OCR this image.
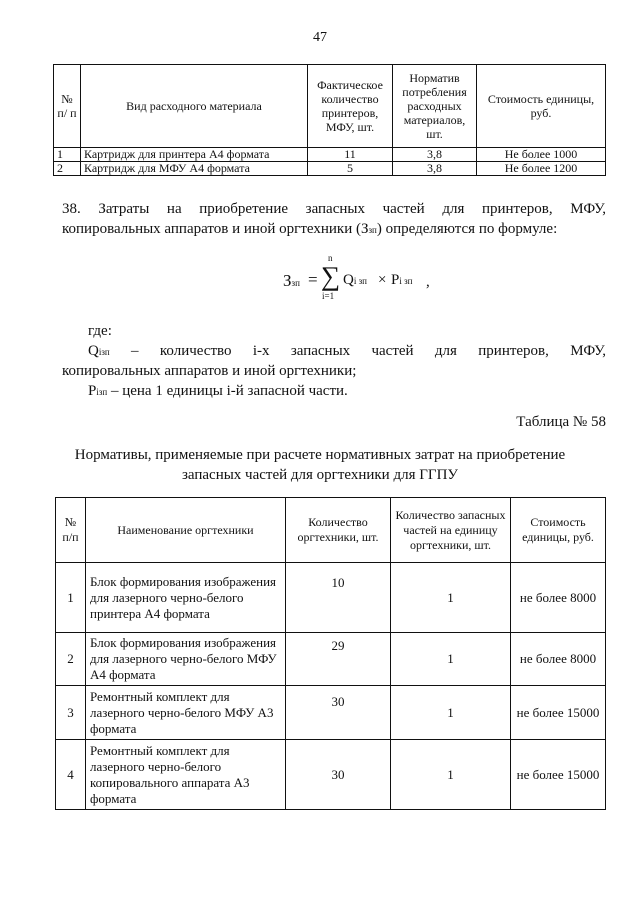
47
№ п/ п	Вид расходного материала	Фактическое количество принтеров, МФУ, шт.	Норматив потребления расходных материалов, шт.	Стоимость единицы, руб.
1	Картридж для принтера А4 формата	11	3,8	Не более 1000
2	Картридж для МФУ А4 формата	5	3,8	Не более 1200
38. Затраты на приобретение запасных частей для принтеров, МФУ,
копировальных аппаратов и иной оргтехники (Ззп) определяются по формуле:
Ззп =
n
∑
i=1
Qi зп × Pi зп ,
где:
Qiзп – количество i-х запасных частей для принтеров, МФУ,
копировальных аппаратов и иной оргтехники;
Piзп – цена 1 единицы i-й запасной части.
Таблица № 58
Нормативы, применяемые при расчете нормативных затрат на приобретение
запасных частей для оргтехники для ГГПУ
№ п/п	Наименование оргтехники	Количество оргтехники, шт.	Количество запасных частей на единицу оргтехники, шт.	Стоимость единицы, руб.
1	Блок формирования изображения для лазерного черно-белого принтера А4 формата	10	1	не более 8000
2	Блок формирования изображения для лазерного черно-белого МФУ А4 формата	29	1	не более 8000
3	Ремонтный комплект для лазерного черно-белого МФУ А3 формата	30	1	не более 15000
4	Ремонтный комплект для лазерного черно-белого копировального аппарата А3 формата	30	1	не более 15000
